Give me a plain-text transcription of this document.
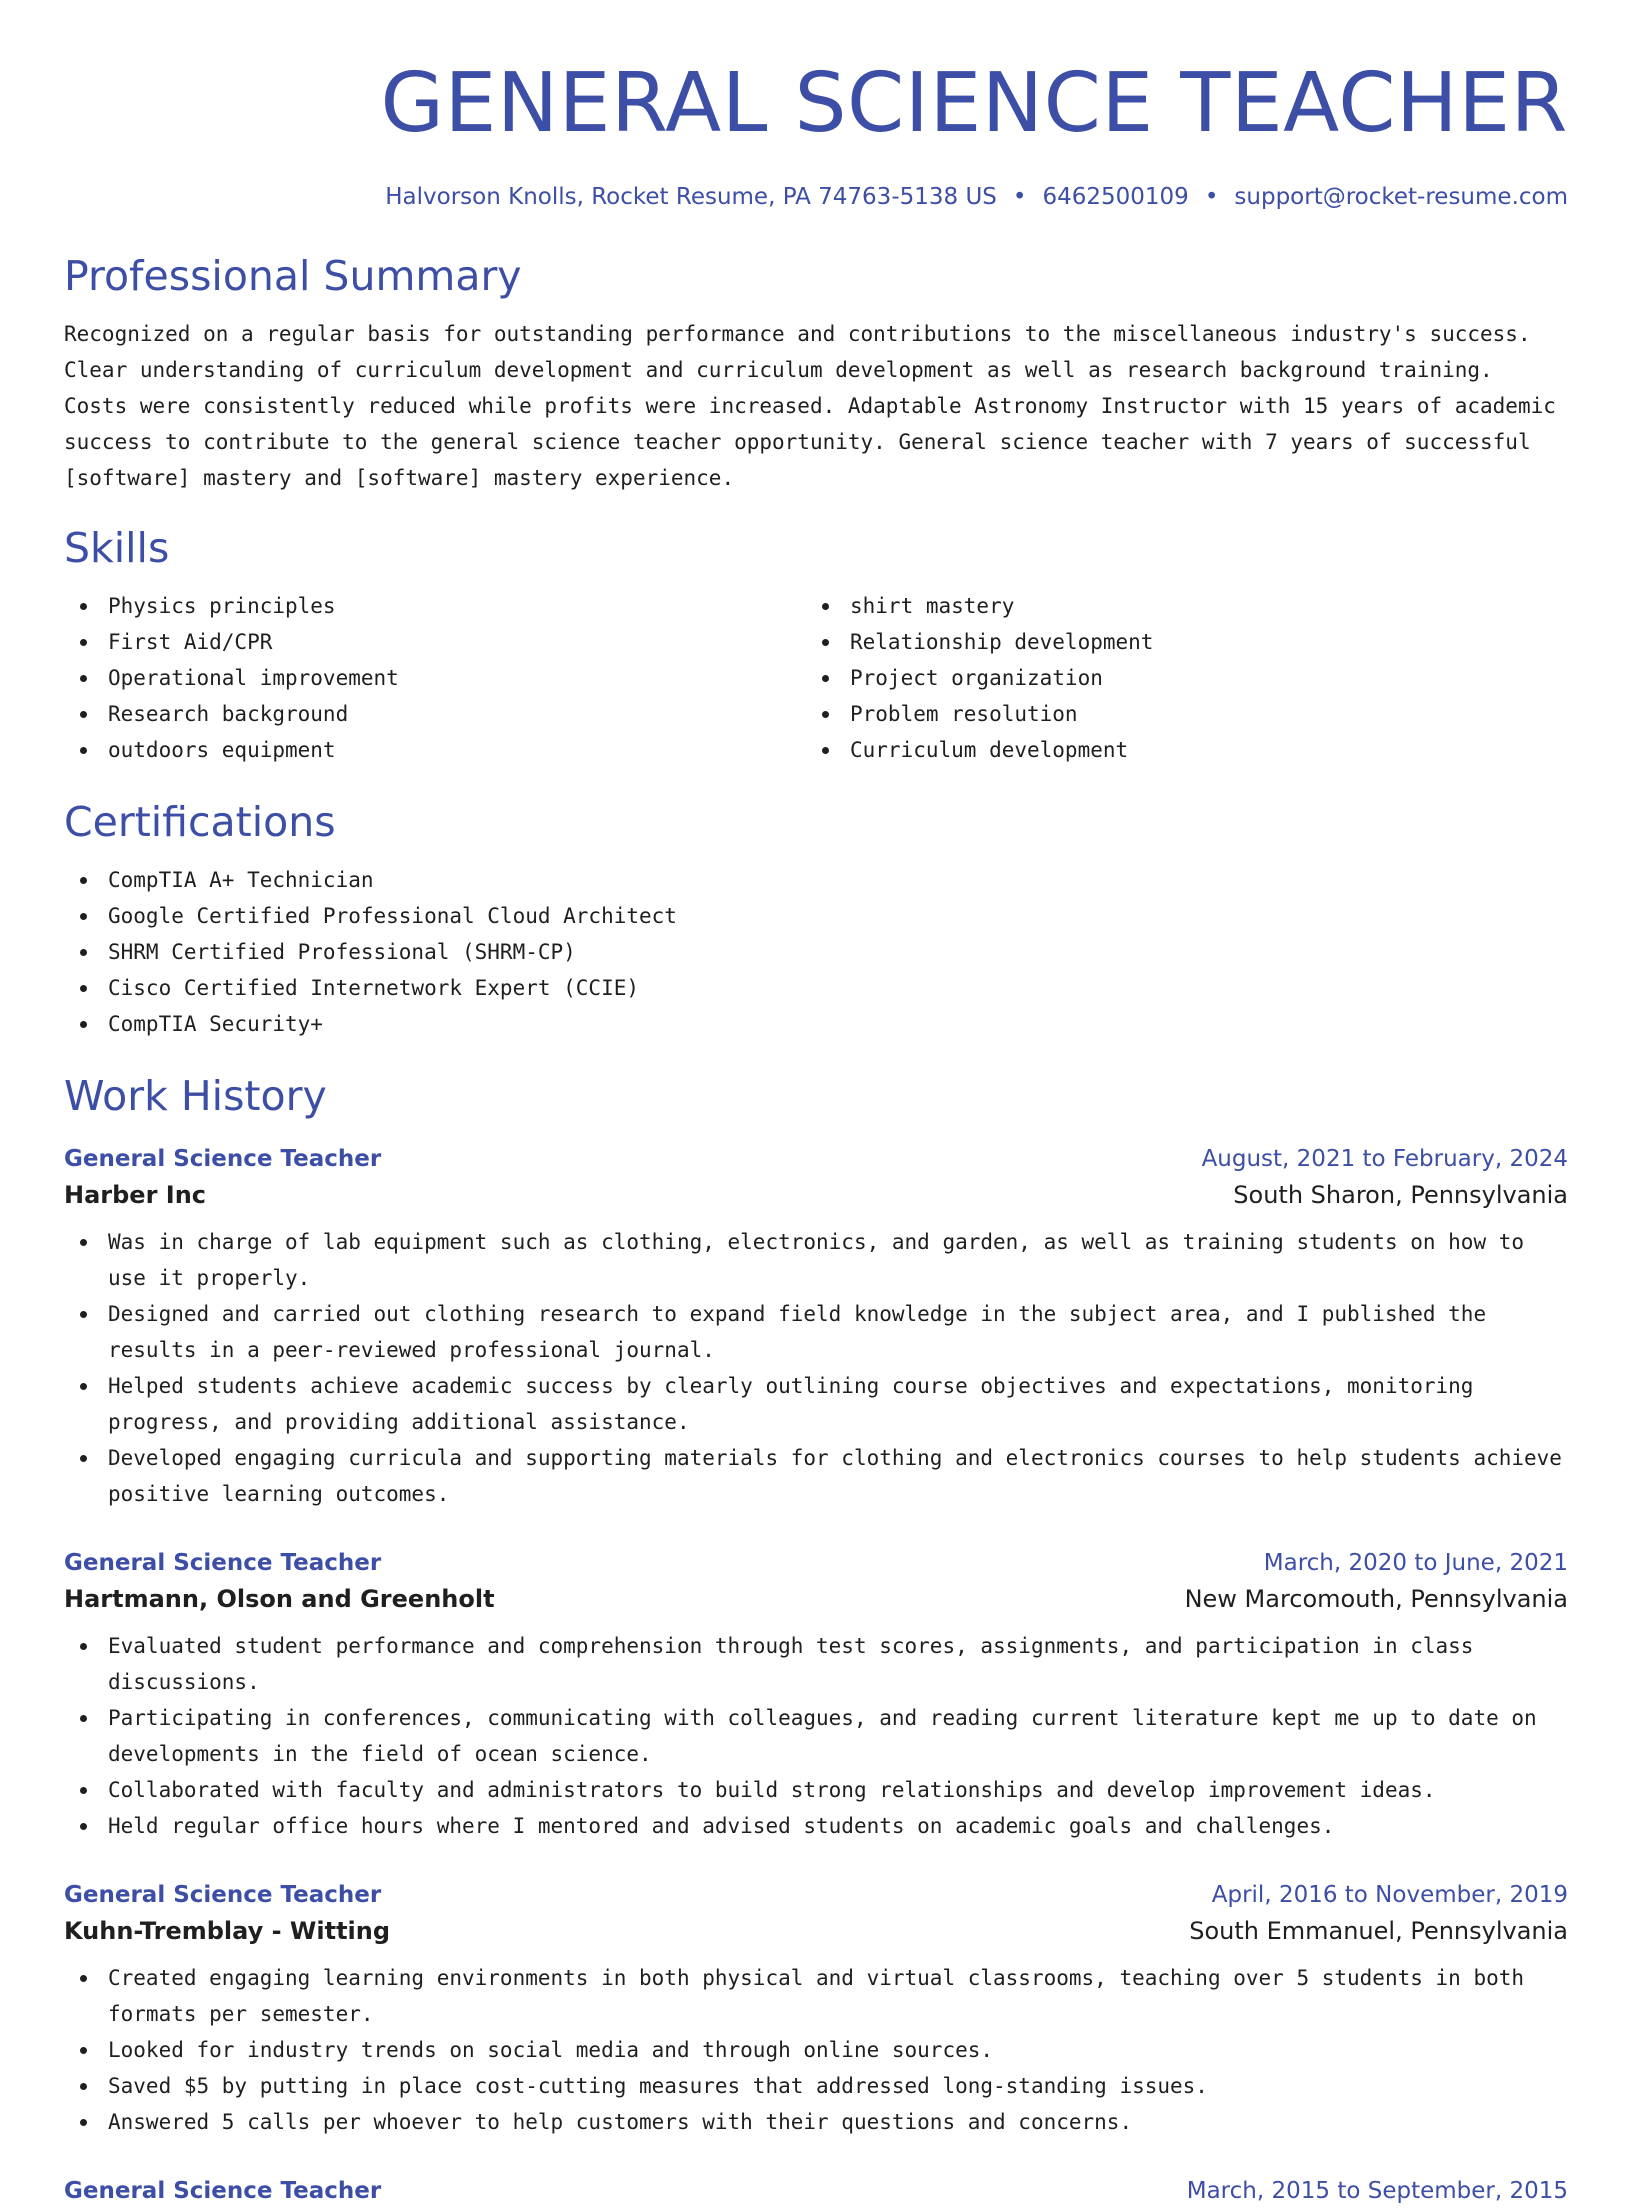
GENERAL SCIENCE TEACHER
Halvorson Knolls, Rocket Resume, PA 74763-5138 US • 6462500109 • support@rocket-resume.com
Professional Summary
Recognized on a regular basis for outstanding performance and contributions to the miscellaneous industry's success. Clear understanding of curriculum development and curriculum development as well as research background training. Costs were consistently reduced while profits were increased. Adaptable Astronomy Instructor with 15 years of academic success to contribute to the general science teacher opportunity. General science teacher with 7 years of successful [software] mastery and [software] mastery experience.
Skills
Physics principles
First Aid/CPR
Operational improvement
Research background
outdoors equipment
shirt mastery
Relationship development
Project organization
Problem resolution
Curriculum development
Certifications
CompTIA A+ Technician
Google Certified Professional Cloud Architect
SHRM Certified Professional (SHRM-CP)
Cisco Certified Internetwork Expert (CCIE)
CompTIA Security+
Work History
General Science Teacher	August, 2021 to February, 2024
Harber Inc	South Sharon, Pennsylvania
Was in charge of lab equipment such as clothing, electronics, and garden, as well as training students on how to use it properly.
Designed and carried out clothing research to expand field knowledge in the subject area, and I published the results in a peer-reviewed professional journal.
Helped students achieve academic success by clearly outlining course objectives and expectations, monitoring progress, and providing additional assistance.
Developed engaging curricula and supporting materials for clothing and electronics courses to help students achieve positive learning outcomes.
General Science Teacher	March, 2020 to June, 2021
Hartmann, Olson and Greenholt	New Marcomouth, Pennsylvania
Evaluated student performance and comprehension through test scores, assignments, and participation in class discussions.
Participating in conferences, communicating with colleagues, and reading current literature kept me up to date on developments in the field of ocean science.
Collaborated with faculty and administrators to build strong relationships and develop improvement ideas.
Held regular office hours where I mentored and advised students on academic goals and challenges.
General Science Teacher	April, 2016 to November, 2019
Kuhn-Tremblay - Witting	South Emmanuel, Pennsylvania
Created engaging learning environments in both physical and virtual classrooms, teaching over 5 students in both formats per semester.
Looked for industry trends on social media and through online sources.
Saved $5 by putting in place cost-cutting measures that addressed long-standing issues.
Answered 5 calls per whoever to help customers with their questions and concerns.
General Science Teacher	March, 2015 to September, 2015
